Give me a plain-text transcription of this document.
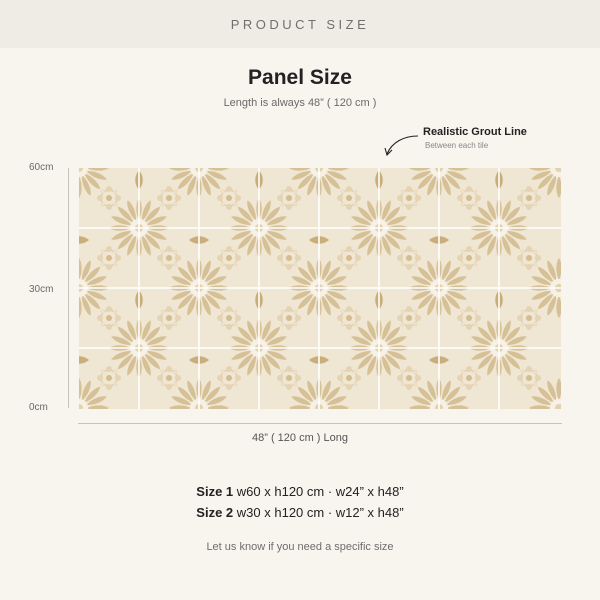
PRODUCT SIZE
Panel Size
Length is always 48” ( 120 cm )
Realistic Grout Line
Between each tile
60cm
30cm
0cm
48” ( 120 cm ) Long
Size 1 w60 x h120 cm · w24” x h48”
Size 2 w30 x h120 cm · w12” x h48”
Let us know if you need a specific size
